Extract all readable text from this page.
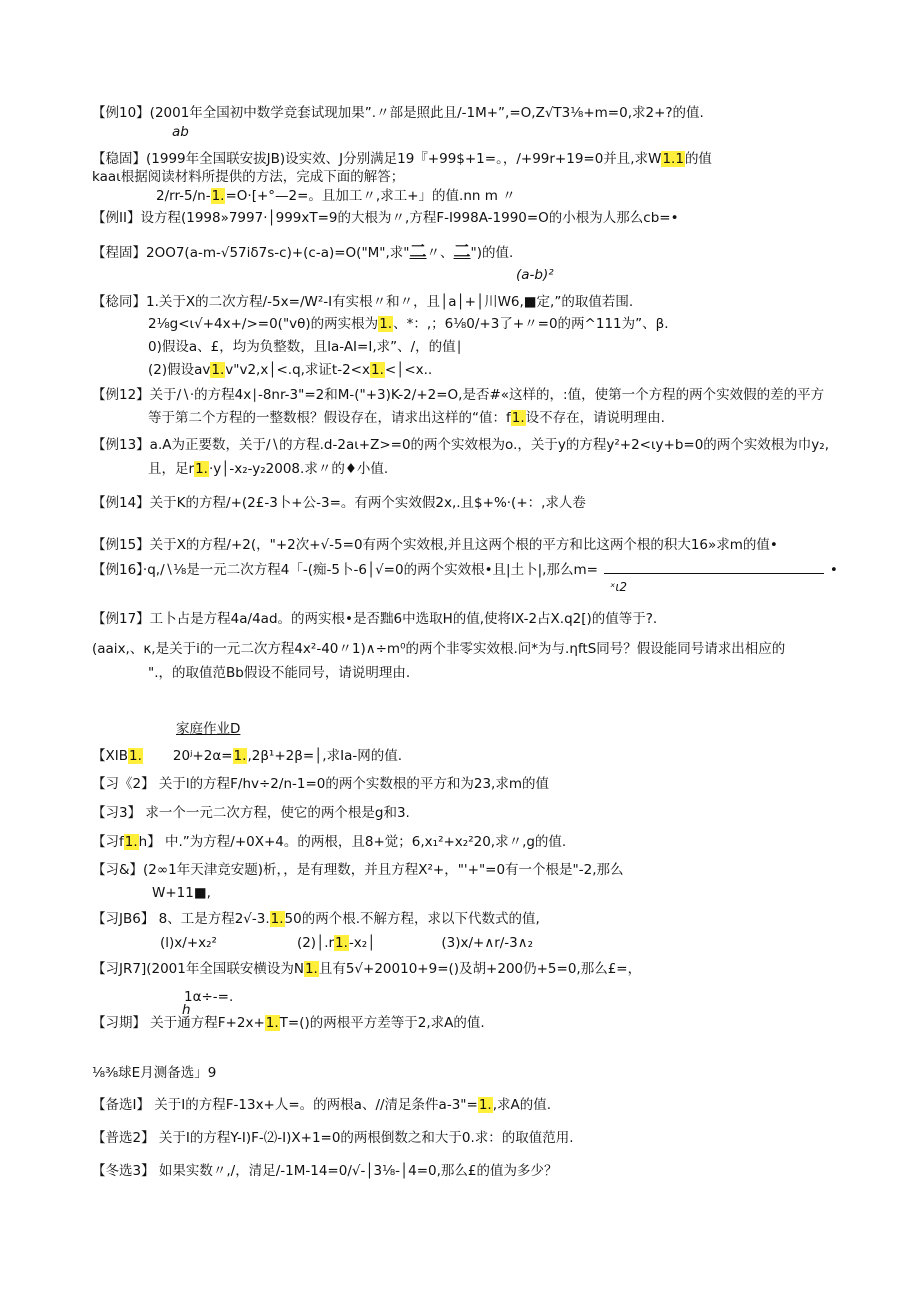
【例10】(2001年全国初中数学竞套试现加果”.〃部是照此且/-1M+”,=O,Z√T3⅛+m=0,求2+?的值.
ab
【稳固】(1999年全国联安拔JB)设实效、J分别满足19『+99$+1=。，/+99r+19=0并且,求W1.1的值
kaaι根据阅读材料所提供的方法，完成下面的解答；
2∕rr-5∕n-1.=O·[+°—2=。且加工〃,求工+」的值.nn m 〃
【例II】设方程(1998»7997·│999xT=9的大根为〃,方程F-I998A-1990=O的小根为人那么cb=•
【程固】2OO7(a-m-√57iδ7s-c)+(c-a)=O("M",求"二〃、二")的值.
(a-b)²
【稔同】1.关于X的二次方程/-5x=∕W²-I有实根〃和〃，且│a│+│川W6,■定,”的取值若围.
2⅛g<ι√+4x+∕>=0("vθ)的两实根为1.、*：,；6⅛0/+3了+〃=0的两^111为”、β.
0)假设a、£，均为负整数，且la-AI=I,求”、/，的值∣
(2)假设av1.v"v2,x│<.q,求证t-2<x1.<│<x..
【例12】关于∕∖·的方程4x∣-8nr-3"=2和M-("+3)K-2∕+2=O,是否#«这样的，:值，使第一个方程的两个实效假的差的平方
等于第二个方程的一整数根？假设存在，请求出这样的“值：f1.设不存在，请说明理由.
【例13】a.A为正要数，关于∕∖的方程.d-2aι+Z>=0的两个实效根为o.，关于y的方程y²+2<ιy+b=0的两个实效根为巾y₂,
且，足r1.·y│-x₂-y₂2008.求〃的♦小值.
【例14】关于K的方程/+(2£-3卜+公-3=。有两个实效假2x,.且$+%·(+：,求人卷
【例15】关于X的方程/+2(，"+2次+√-5=0有两个实效根,并且这两个根的平方和比这两个根的积大16»求m的值•
【例16】·q,∕∖⅛是一元二次方程4「-(痴-5卜-6│√=0的两个实效根•且|土卜|,那么m=	•
ˣι2
【例17】工卜占是方程4a∕4ad。的两实根•是否黜6中选取H的值,使将IX-2占X.q2[)的值等于?.
(aaix,、κ,是关于i的一元二次方程4x²-40〃1)∧÷m⁰的两个非零实效根.问*为与.ηftS同号？假设能同号请求出相应的
".，的取值范Bb假设不能同号，请说明理由.
家庭作业D
【XIB1. 20ʲ+2α=1.,2β¹+2β=│,求Ia-网的值.
【习《2】 关于l的方程F∕hv÷2/n-1=0的两个实数根的平方和为23,求m的值
【习3】 求一个一元二次方程，使它的两个根是g和3.
【习f1.h】 中.”为方程/+0X+4。的两根，且8+觉；6,x₁²+x₂²20,求〃,g的值.
【习&】(2∞1年天津竞安题)析，，是有理数，并且方程X²+，"'+"=0有一个根是"-2,那么
W+11■,
【习JB6】 8、工是方程2√-3.1.50的两个根.不解方程，求以下代数式的值,
(l)x/+x₂²	(2)│.r1.-x₂│	(3)x/+∧r∕-3∧₂
【习JR7](2001年全国联安横设为N1.且有5√+20010+9=()及胡+200仍+5=0,那么£=，
1α÷-=.
h
【习期】 关于通方程F+2x+1.T=()的两根平方差等于2,求A的值.
⅛⅜球E月测备选」9
【备选I】 关于I的方程F-13x+人=。的两根a、//清足条件a-3"=1.,求A的值.
【普选2】 关于I的方程Y-I)F-⑵-I)X+1=0的两根倒数之和大于0.求：的取值范用.
【冬选3】 如果实数〃,/，清足/-1M-14=0∕√-│3⅛-│4=0,那么£的值为多少？
